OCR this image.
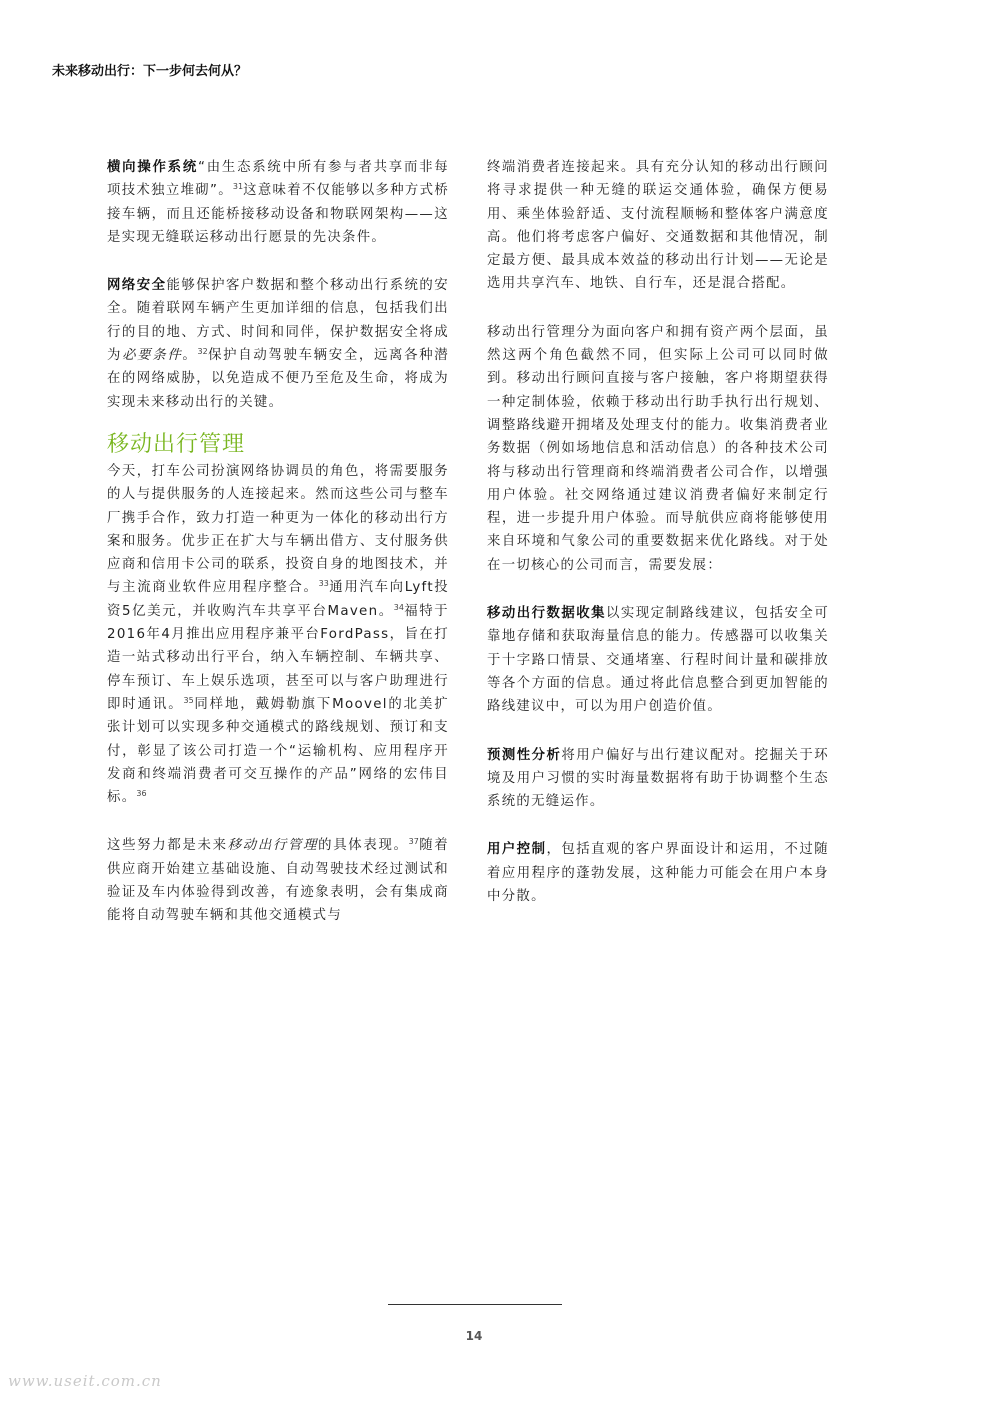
未来移动出行：下一步何去何从？

横向操作系统“由生态系统中所有参与者共享而非每项技术独立堆砌”。$^{31}$这意味着不仅能够以多种方式桥接车辆，而且还能桥接移动设备和物联网架构——这是实现无缝联运移动出行愿景的先决条件。

网络安全能够保护客户数据和整个移动出行系统的安全。随着联网车辆产生更加详细的信息，包括我们出行的目的地、方式、时间和同伴，保护数据安全将成为必要条件。$^{32}$保护自动驾驶车辆安全，远离各种潜在的网络威胁，以免造成不便乃至危及生命，将成为实现未来移动出行的关键。

移动出行管理

今天，打车公司扮演网络协调员的角色，将需要服务的人与提供服务的人连接起来。然而这些公司与整车厂携手合作，致力打造一种更为一体化的移动出行方案和服务。优步正在扩大与车辆出借方、支付服务供应商和信用卡公司的联系，投资自身的地图技术，并与主流商业软件应用程序整合。$^{33}$通用汽车向Lyft投资5亿美元，并收购汽车共享平台Maven。$^{34}$福特于2016年4月推出应用程序兼平台FordPass，旨在打造一站式移动出行平台，纳入车辆控制、车辆共享、停车预订、车上娱乐选项，甚至可以与客户助理进行即时通讯。$^{35}$同样地，戴姆勒旗下Moovel的北美扩张计划可以实现多种交通模式的路线规划、预订和支付，彰显了该公司打造一个“运输机构、应用程序开发商和终端消费者可交互操作的产品”网络的宏伟目标。$^{36}$

这些努力都是未来移动出行管理的具体表现。$^{37}$随着供应商开始建立基础设施、自动驾驶技术经过测试和验证及车内体验得到改善，有迹象表明，会有集成商能将自动驾驶车辆和其他交通模式与

终端消费者连接起来。具有充分认知的移动出行顾问将寻求提供一种无缝的联运交通体验，确保方便易用、乘坐体验舒适、支付流程顺畅和整体客户满意度高。他们将考虑客户偏好、交通数据和其他情况，制定最方便、最具成本效益的移动出行计划——无论是选用共享汽车、地铁、自行车，还是混合搭配。

移动出行管理分为面向客户和拥有资产两个层面，虽然这两个角色截然不同，但实际上公司可以同时做到。移动出行顾问直接与客户接触，客户将期望获得一种定制体验，依赖于移动出行助手执行出行规划、调整路线避开拥堵及处理支付的能力。收集消费者业务数据（例如场地信息和活动信息）的各种技术公司将与移动出行管理商和终端消费者公司合作，以增强用户体验。社交网络通过建议消费者偏好来制定行程，进一步提升用户体验。而导航供应商将能够使用来自环境和气象公司的重要数据来优化路线。对于处在一切核心的公司而言，需要发展：

移动出行数据收集以实现定制路线建议，包括安全可靠地存储和获取海量信息的能力。传感器可以收集关于十字路口情景、交通堵塞、行程时间计量和碳排放等各个方面的信息。通过将此信息整合到更加智能的路线建议中，可以为用户创造价值。

预测性分析将用户偏好与出行建议配对。挖掘关于环境及用户习惯的实时海量数据将有助于协调整个生态系统的无缝运作。

用户控制，包括直观的客户界面设计和运用，不过随着应用程序的蓬勃发展，这种能力可能会在用户本身中分散。

14
www.useit.com.cn
